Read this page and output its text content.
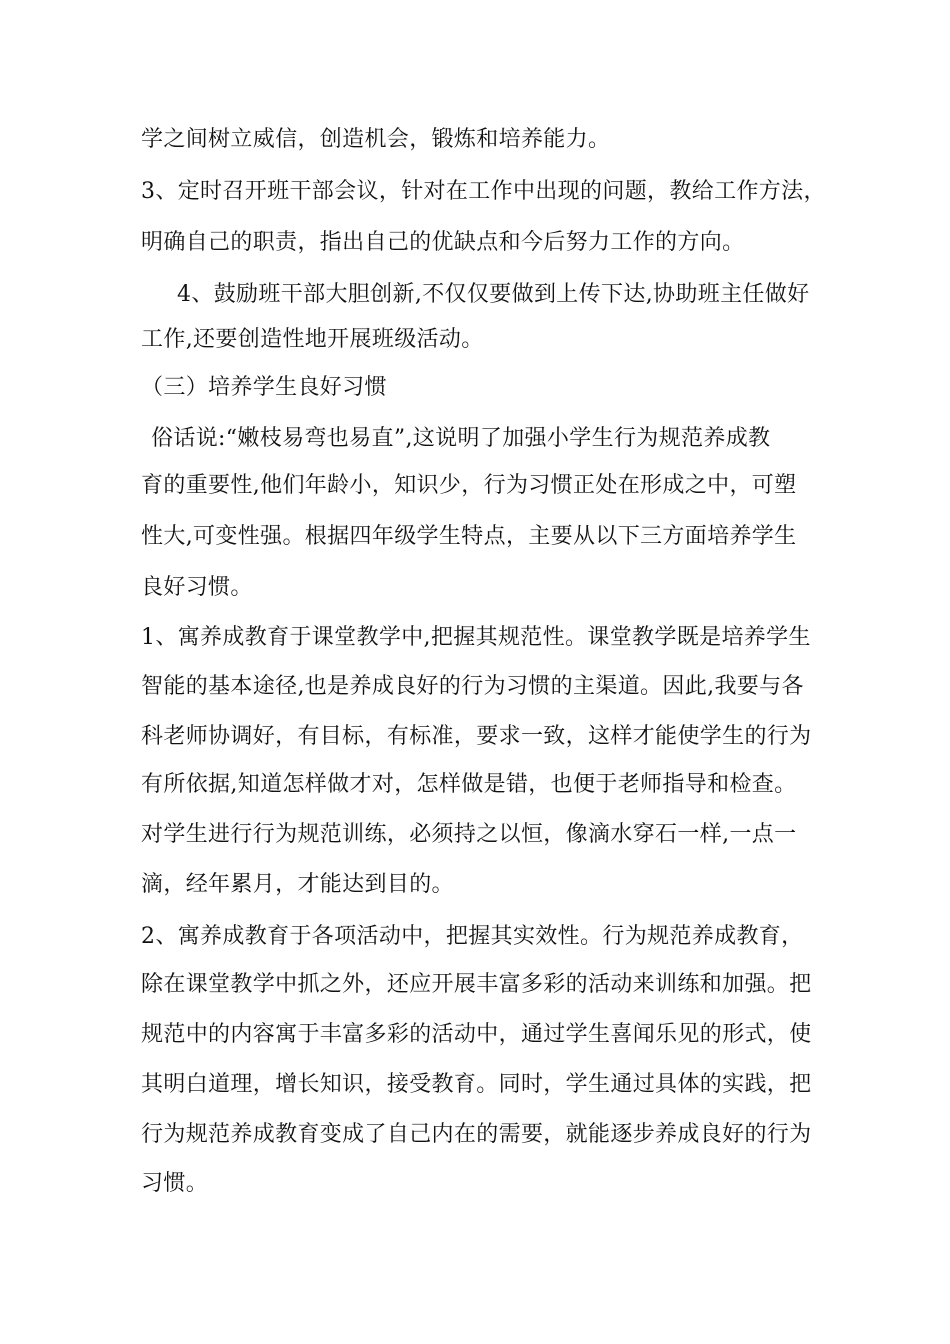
学之间树立威信，创造机会，锻炼和培养能力。
3、定时召开班干部会议，针对在工作中出现的问题，教给工作方法，
明确自己的职责，指出自己的优缺点和今后努力工作的方向。
4、鼓励班干部大胆创新,不仅仅要做到上传下达,协助班主任做好
工作,还要创造性地开展班级活动。
（三）培养学生良好习惯
俗话说:“嫩枝易弯也易直”,这说明了加强小学生行为规范养成教
育的重要性,他们年龄小，知识少，行为习惯正处在形成之中，可塑
性大,可变性强。根据四年级学生特点，主要从以下三方面培养学生
良好习惯。
1、寓养成教育于课堂教学中,把握其规范性。课堂教学既是培养学生
智能的基本途径,也是养成良好的行为习惯的主渠道。因此,我要与各
科老师协调好，有目标，有标准，要求一致，这样才能使学生的行为
有所依据,知道怎样做才对，怎样做是错，也便于老师指导和检查。
对学生进行行为规范训练，必须持之以恒，像滴水穿石一样,一点一
滴，经年累月，才能达到目的。
2、寓养成教育于各项活动中，把握其实效性。行为规范养成教育，
除在课堂教学中抓之外，还应开展丰富多彩的活动来训练和加强。把
规范中的内容寓于丰富多彩的活动中，通过学生喜闻乐见的形式，使
其明白道理，增长知识，接受教育。同时，学生通过具体的实践，把
行为规范养成教育变成了自己内在的需要，就能逐步养成良好的行为
习惯。
